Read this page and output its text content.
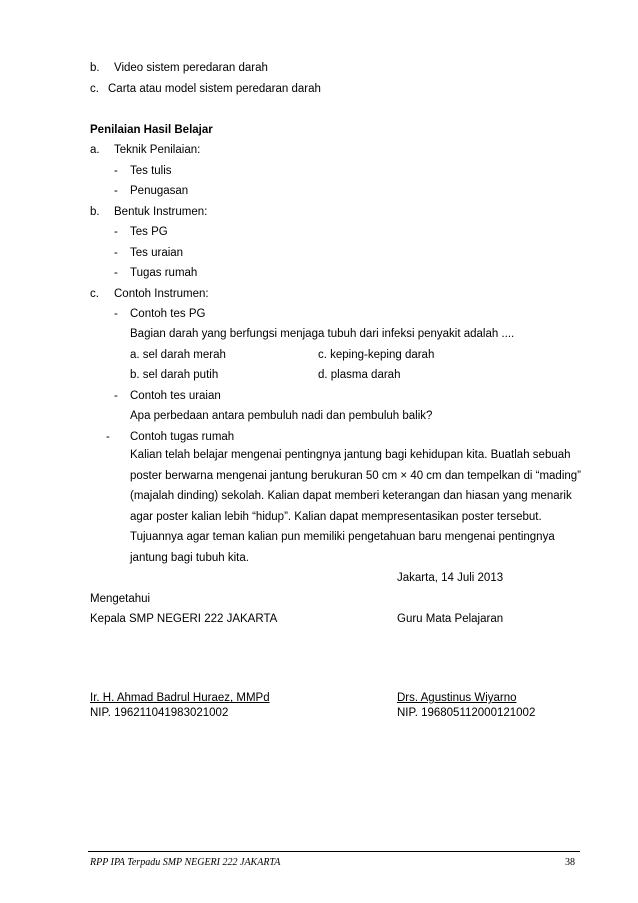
b. Video sistem peredaran darah
c. Carta atau model sistem peredaran darah
Penilaian Hasil Belajar
a. Teknik Penilaian:
- Tes tulis
- Penugasan
b. Bentuk Instrumen:
- Tes PG
- Tes uraian
- Tugas rumah
c. Contoh Instrumen:
- Contoh tes PG
Bagian darah yang berfungsi menjaga tubuh dari infeksi penyakit adalah ....
a. sel darah merah	c. keping-keping darah
b. sel darah putih	d. plasma darah
- Contoh tes uraian
Apa perbedaan antara pembuluh nadi dan pembuluh balik?
- Contoh tugas rumah
Kalian telah belajar mengenai pentingnya jantung bagi kehidupan kita. Buatlah sebuah poster berwarna mengenai jantung berukuran 50 cm × 40 cm dan tempelkan di “mading” (majalah dinding) sekolah. Kalian dapat memberi keterangan dan hiasan yang menarik agar poster kalian lebih “hidup”. Kalian dapat mempresentasikan poster tersebut. Tujuannya agar teman kalian pun memiliki pengetahuan baru mengenai pentingnya jantung bagi tubuh kita.
Jakarta, 14 Juli 2013
Mengetahui
Kepala SMP NEGERI 222 JAKARTA	Guru Mata Pelajaran
Ir. H. Ahmad Badrul Huraez, MMPd
NIP. 196211041983021002
Drs. Agustinus Wiyarno
NIP. 196805112000121002
RPP IPA Terpadu SMP NEGERI 222 JAKARTA	38
